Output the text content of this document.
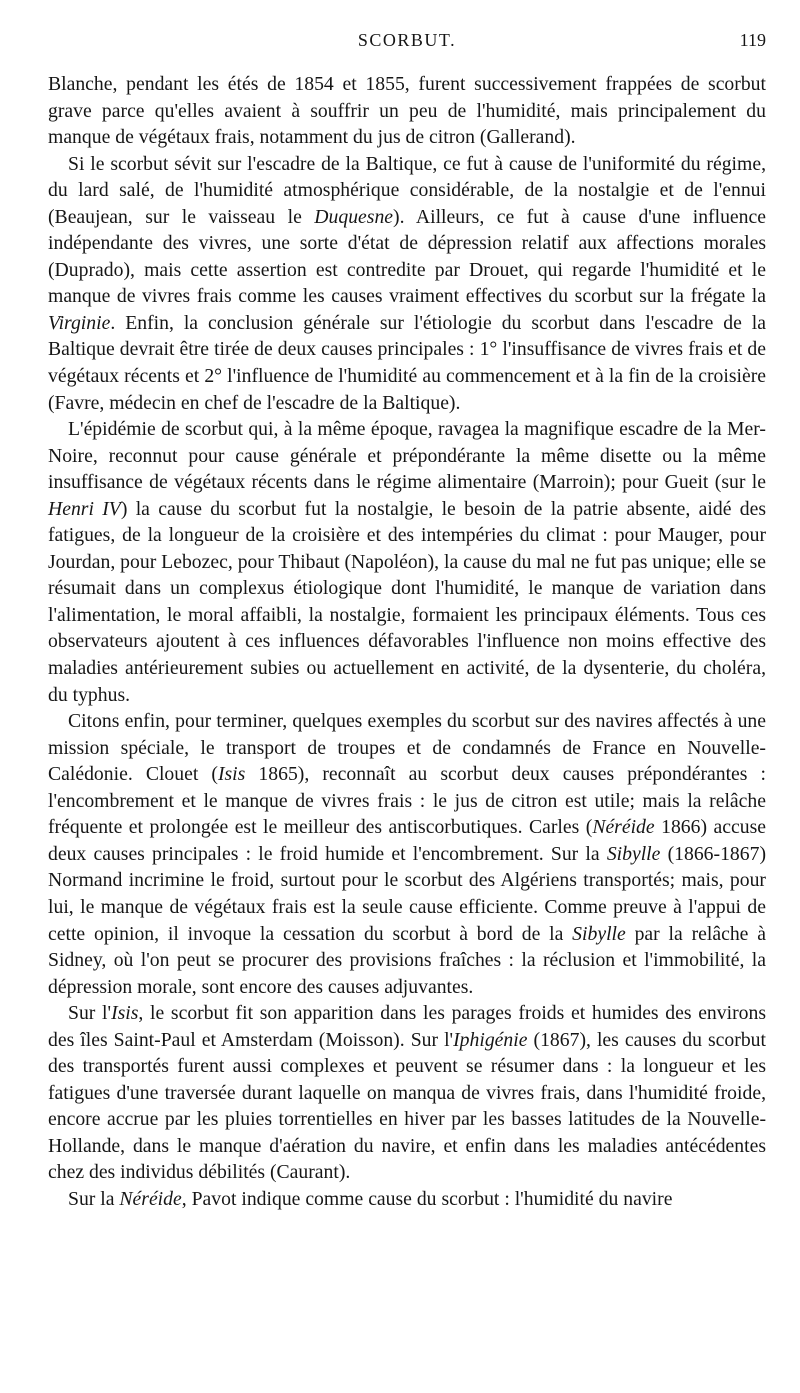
SCORBUT.	119

Blanche, pendant les étés de 1854 et 1855, furent successivement frappées de scorbut grave parce qu'elles avaient à souffrir un peu de l'humidité, mais principalement du manque de végétaux frais, notamment du jus de citron (Gallerand).

Si le scorbut sévit sur l'escadre de la Baltique, ce fut à cause de l'uniformité du régime, du lard salé, de l'humidité atmosphérique considérable, de la nostalgie et de l'ennui (Beaujean, sur le vaisseau le Duquesne). Ailleurs, ce fut à cause d'une influence indépendante des vivres, une sorte d'état de dépression relatif aux affections morales (Duprado), mais cette assertion est contredite par Drouet, qui regarde l'humidité et le manque de vivres frais comme les causes vraiment effectives du scorbut sur la frégate la Virginie. Enfin, la conclusion générale sur l'étiologie du scorbut dans l'escadre de la Baltique devrait être tirée de deux causes principales : 1° l'insuffisance de vivres frais et de végétaux récents et 2° l'influence de l'humidité au commencement et à la fin de la croisière (Favre, médecin en chef de l'escadre de la Baltique).

L'épidémie de scorbut qui, à la même époque, ravagea la magnifique escadre de la Mer-Noire, reconnut pour cause générale et prépondérante la même disette ou la même insuffisance de végétaux récents dans le régime alimentaire (Marroin); pour Gueit (sur le Henri IV) la cause du scorbut fut la nostalgie, le besoin de la patrie absente, aidé des fatigues, de la longueur de la croisière et des intempéries du climat : pour Mauger, pour Jourdan, pour Lebozec, pour Thibaut (Napoléon), la cause du mal ne fut pas unique; elle se résumait dans un complexus étiologique dont l'humidité, le manque de variation dans l'alimentation, le moral affaibli, la nostalgie, formaient les principaux éléments. Tous ces observateurs ajoutent à ces influences défavorables l'influence non moins effective des maladies antérieurement subies ou actuellement en activité, de la dysenterie, du choléra, du typhus.

Citons enfin, pour terminer, quelques exemples du scorbut sur des navires affectés à une mission spéciale, le transport de troupes et de condamnés de France en Nouvelle-Calédonie. Clouet (Isis 1865), reconnaît au scorbut deux causes prépondérantes : l'encombrement et le manque de vivres frais : le jus de citron est utile; mais la relâche fréquente et prolongée est le meilleur des antiscorbutiques. Carles (Néréide 1866) accuse deux causes principales : le froid humide et l'encombrement. Sur la Sibylle (1866-1867) Normand incrimine le froid, surtout pour le scorbut des Algériens transportés; mais, pour lui, le manque de végétaux frais est la seule cause efficiente. Comme preuve à l'appui de cette opinion, il invoque la cessation du scorbut à bord de la Sibylle par la relâche à Sidney, où l'on peut se procurer des provisions fraîches : la réclusion et l'immobilité, la dépression morale, sont encore des causes adjuvantes.

Sur l'Isis, le scorbut fit son apparition dans les parages froids et humides des environs des îles Saint-Paul et Amsterdam (Moisson). Sur l'Iphigénie (1867), les causes du scorbut des transportés furent aussi complexes et peuvent se résumer dans : la longueur et les fatigues d'une traversée durant laquelle on manqua de vivres frais, dans l'humidité froide, encore accrue par les pluies torrentielles en hiver par les basses latitudes de la Nouvelle-Hollande, dans le manque d'aération du navire, et enfin dans les maladies antécédentes chez des individus débilités (Caurant).

Sur la Néréide, Pavot indique comme cause du scorbut : l'humidité du navire
